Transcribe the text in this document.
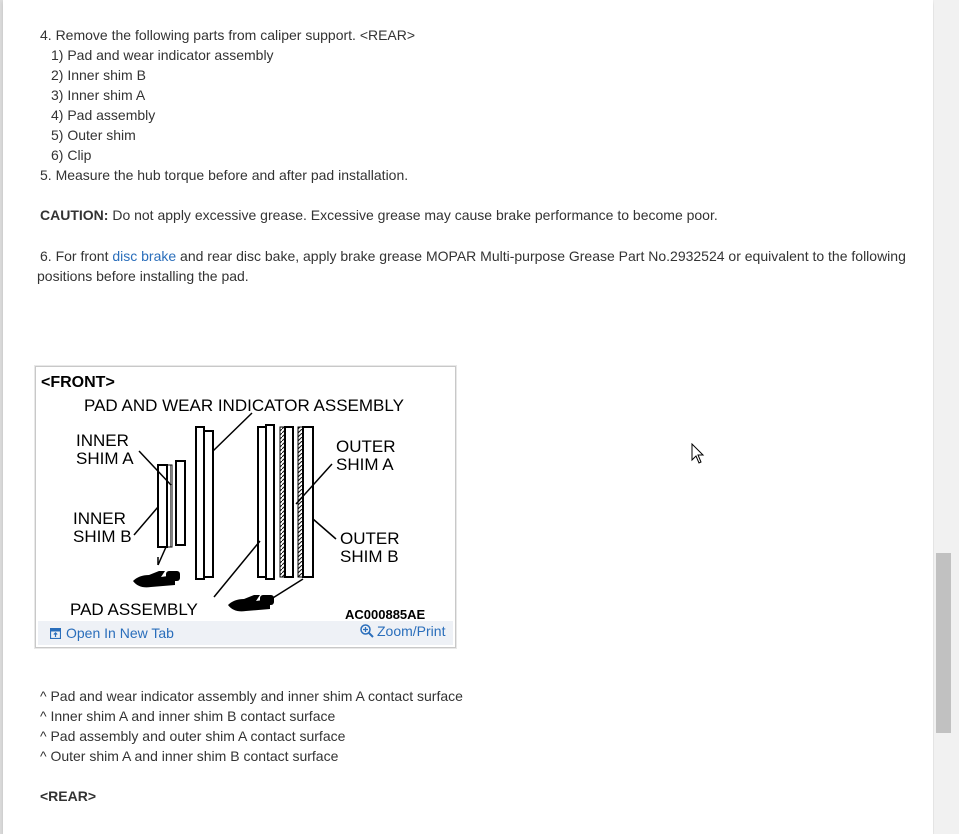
4. Remove the following parts from caliper support. <REAR>
1) Pad and wear indicator assembly
2) Inner shim B
3) Inner shim A
4) Pad assembly
5) Outer shim
6) Clip
5. Measure the hub torque before and after pad installation.
CAUTION: Do not apply excessive grease. Excessive grease may cause brake performance to become poor.
6. For front disc brake and rear disc bake, apply brake grease MOPAR Multi-purpose Grease Part No.2932524 or equivalent to the following
positions before installing the pad.
^ Pad and wear indicator assembly and inner shim A contact surface
^ Inner shim A and inner shim B contact surface
^ Pad assembly and outer shim A contact surface
^ Outer shim A and inner shim B contact surface
<REAR>
<FRONT>
PAD AND WEAR INDICATOR ASSEMBLY
INNER
SHIM A
INNER
SHIM B
OUTER
SHIM A
OUTER
SHIM B
PAD ASSEMBLY	AC000885AE
Open In New Tab	Zoom/Print
